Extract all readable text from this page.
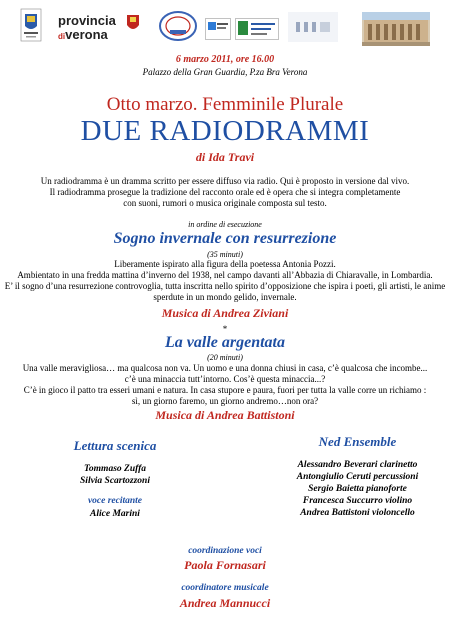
provincia
diverona
6 marzo 2011, ore 16.00
Palazzo della Gran Guardia, P.za Bra Verona
Otto marzo. Femminile Plurale
DUE RADIODRAMMI
di Ida Travi
Un radiodramma è un dramma scritto per essere diffuso via radio. Qui è proposto in versione dal vivo.
Il radiodramma prosegue la tradizione del racconto orale ed è opera che si integra completamente
con suoni, rumori o musica originale composta sul testo.
in ordine di esecuzione
Sogno invernale con resurrezione
(35 minuti)
Liberamente ispirato alla figura della poetessa Antonia Pozzi.
Ambientato in una fredda mattina d’inverno del 1938, nel campo davanti all’Abbazia di Chiaravalle, in Lombardia.
E’ il sogno d’una resurrezione controvoglia, tutta inscritta nello spirito d’opposizione che ispira i poeti, gli artisti, le anime
sperdute in un mondo gelido, invernale.
Musica di Andrea Ziviani
*
La valle argentata
(20 minuti)
Una valle meravigliosa… ma qualcosa non va. Un uomo e una donna chiusi in casa, c’è qualcosa che incombe...
c’è una minaccia tutt’intorno. Cos’è questa minaccia...?
C’è in gioco il patto tra esseri umani e natura. In casa stupore e paura, fuori per tutta la valle corre un richiamo :
sì, un giorno faremo, un giorno andremo…non ora?
Musica di Andrea Battistoni
Lettura scenica
Tommaso Zuffa
Silvia Scartozzoni
voce recitante
Alice Marini
Ned Ensemble
Alessandro Beverari clarinetto
Antongiulio Ceruti percussioni
Sergio Baietta pianoforte
Francesca Succurro violino
Andrea Battistoni violoncello
coordinazione voci
Paola Fornasari
coordinatore musicale
Andrea Mannucci
